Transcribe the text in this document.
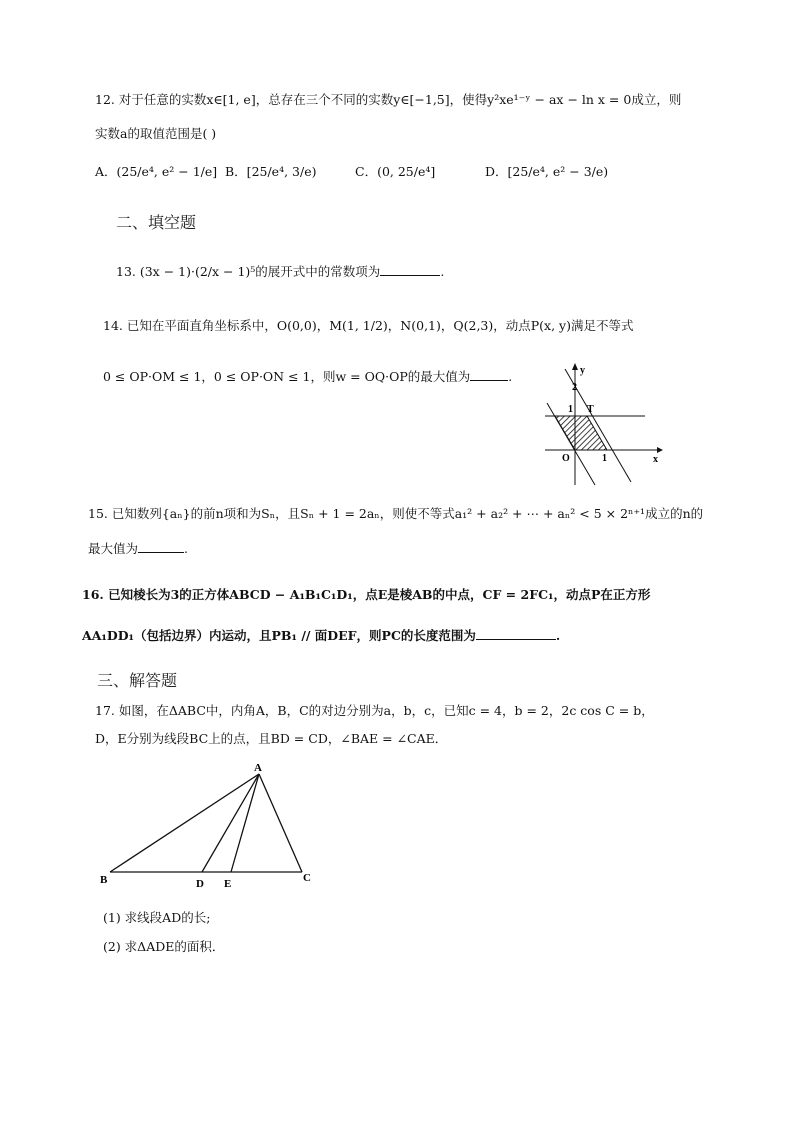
12. 对于任意的实数x∈[1, e]，总存在三个不同的实数y∈[−1,5]，使得y²xe¹⁻ʸ − ax − ln x = 0成立，则
实数a的取值范围是( )
A．(25/e⁴, e² − 1/e] B．[25/e⁴, 3/e)	C．(0, 25/e⁴]	D．[25/e⁴, e² − 3/e)
二、填空题
13. (3x − 1)·(2/x − 1)⁵的展开式中的常数项为	.
14. 已知在平面直角坐标系中，O(0,0)，M(1, 1/2)，N(0,1)，Q(2,3)，动点P(x, y)满足不等式
0 ≤ OP·OM ≤ 1，0 ≤ OP·ON ≤ 1，则w = OQ·OP的最大值为	.	y
x
O
2
1
1
T
15. 已知数列{aₙ}的前n项和为Sₙ，且Sₙ + 1 = 2aₙ，则使不等式a₁² + a₂² + ⋯ + aₙ² < 5 × 2ⁿ⁺¹成立的n的
最大值为	.
16. 已知棱长为3的正方体ABCD − A₁B₁C₁D₁，点E是棱AB的中点，CF = 2FC₁，动点P在正方形
AA₁DD₁（包括边界）内运动，且PB₁ // 面DEF，则PC的长度范围为	.
三、解答题
17. 如图，在ΔABC中，内角A，B，C的对边分别为a，b，c，已知c = 4，b = 2，2c cos C = b，
D，E分别为线段BC上的点，且BD = CD，∠BAE = ∠CAE．
A
B	C
D E
(1) 求线段AD的长;
(2) 求ΔADE的面积．
